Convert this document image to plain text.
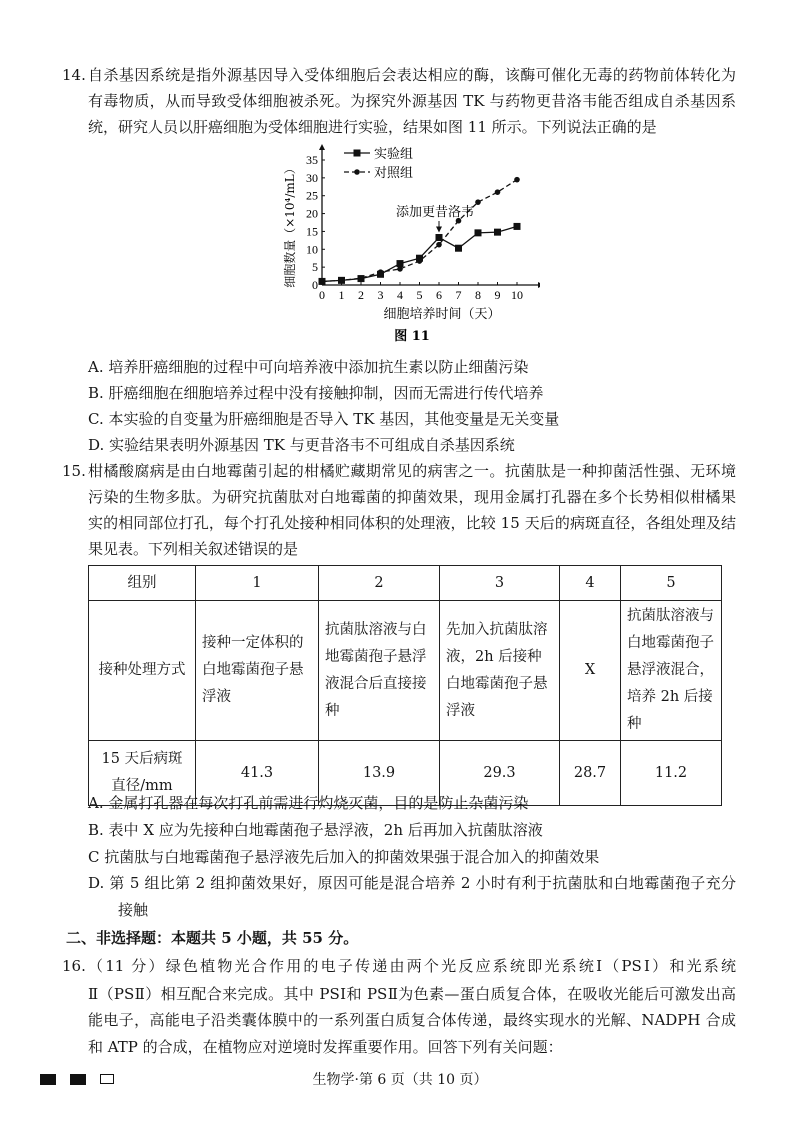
14. 自杀基因系统是指外源基因导入受体细胞后会表达相应的酶，该酶可催化无毒的药物前体转化为
有毒物质，从而导致受体细胞被杀死。为探究外源基因 TK 与药物更昔洛韦能否组成自杀基因系
统，研究人员以肝癌细胞为受体细胞进行实验，结果如图 11 所示。下列说法正确的是
0 1 2 3 4 5 6 7 8 9 10
0
5
10
15
20
25
30
35
细胞培养时间（天）
细胞数量（×10⁴/mL）
图 11
实验组
对照组
添加更昔洛韦
A. 培养肝癌细胞的过程中可向培养液中添加抗生素以防止细菌污染
B. 肝癌细胞在细胞培养过程中没有接触抑制，因而无需进行传代培养
C. 本实验的自变量为肝癌细胞是否导入 TK 基因，其他变量是无关变量
D. 实验结果表明外源基因 TK 与更昔洛韦不可组成自杀基因系统
15. 柑橘酸腐病是由白地霉菌引起的柑橘贮藏期常见的病害之一。抗菌肽是一种抑菌活性强、无环境
污染的生物多肽。为研究抗菌肽对白地霉菌的抑菌效果，现用金属打孔器在多个长势相似柑橘果
实的相同部位打孔，每个打孔处接种相同体积的处理液，比较 15 天后的病斑直径，各组处理及结
果见表。下列相关叙述错误的是
组别	1	2	3	4	5
接种处理方式	接种一定体积的白地霉菌孢子悬浮液	抗菌肽溶液与白地霉菌孢子悬浮液混合后直接接种	先加入抗菌肽溶液，2h 后接种白地霉菌孢子悬浮液	X	抗菌肽溶液与白地霉菌孢子悬浮液混合，培养 2h 后接种
15 天后病斑直径/mm	41.3	13.9	29.3	28.7	11.2
A. 金属打孔器在每次打孔前需进行灼烧灭菌，目的是防止杂菌污染
B. 表中 X 应为先接种白地霉菌孢子悬浮液，2h 后再加入抗菌肽溶液
C 抗菌肽与白地霉菌孢子悬浮液先后加入的抑菌效果强于混合加入的抑菌效果
D. 第 5 组比第 2 组抑菌效果好，原因可能是混合培养 2 小时有利于抗菌肽和白地霉菌孢子充分
接触
二、非选择题：本题共 5 小题，共 55 分。
16. （11 分）绿色植物光合作用的电子传递由两个光反应系统即光系统Ⅰ（PSⅠ）和光系统
Ⅱ（PSⅡ）相互配合来完成。其中 PSⅠ和 PSⅡ为色素—蛋白质复合体，在吸收光能后可激发出高
能电子，高能电子沿类囊体膜中的一系列蛋白质复合体传递，最终实现水的光解、NADPH 合成
和 ATP 的合成，在植物应对逆境时发挥重要作用。回答下列有关问题：
生物学·第 6 页（共 10 页）
